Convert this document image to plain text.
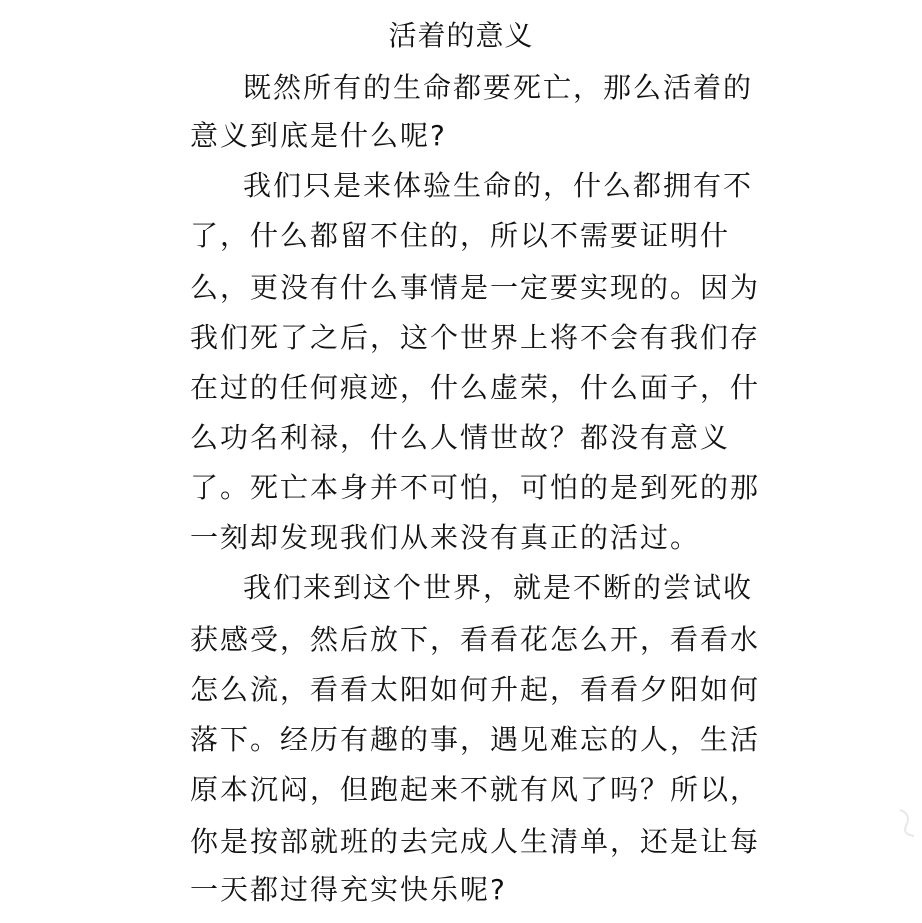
活着的意义
既然所有的生命都要死亡，那么活着的
意义到底是什么呢?
我们只是来体验生命的，什么都拥有不
了，什么都留不住的，所以不需要证明什
么，更没有什么事情是一定要实现的。因为
我们死了之后，这个世界上将不会有我们存
在过的任何痕迹，什么虚荣，什么面子，什
么功名利禄，什么人情世故？都没有意义
了。死亡本身并不可怕，可怕的是到死的那
一刻却发现我们从来没有真正的活过。
我们来到这个世界，就是不断的尝试收
获感受，然后放下，看看花怎么开，看看水
怎么流，看看太阳如何升起，看看夕阳如何
落下。经历有趣的事，遇见难忘的人，生活
原本沉闷，但跑起来不就有风了吗？所以，
你是按部就班的去完成人生清单，还是让每
一天都过得充实快乐呢?
